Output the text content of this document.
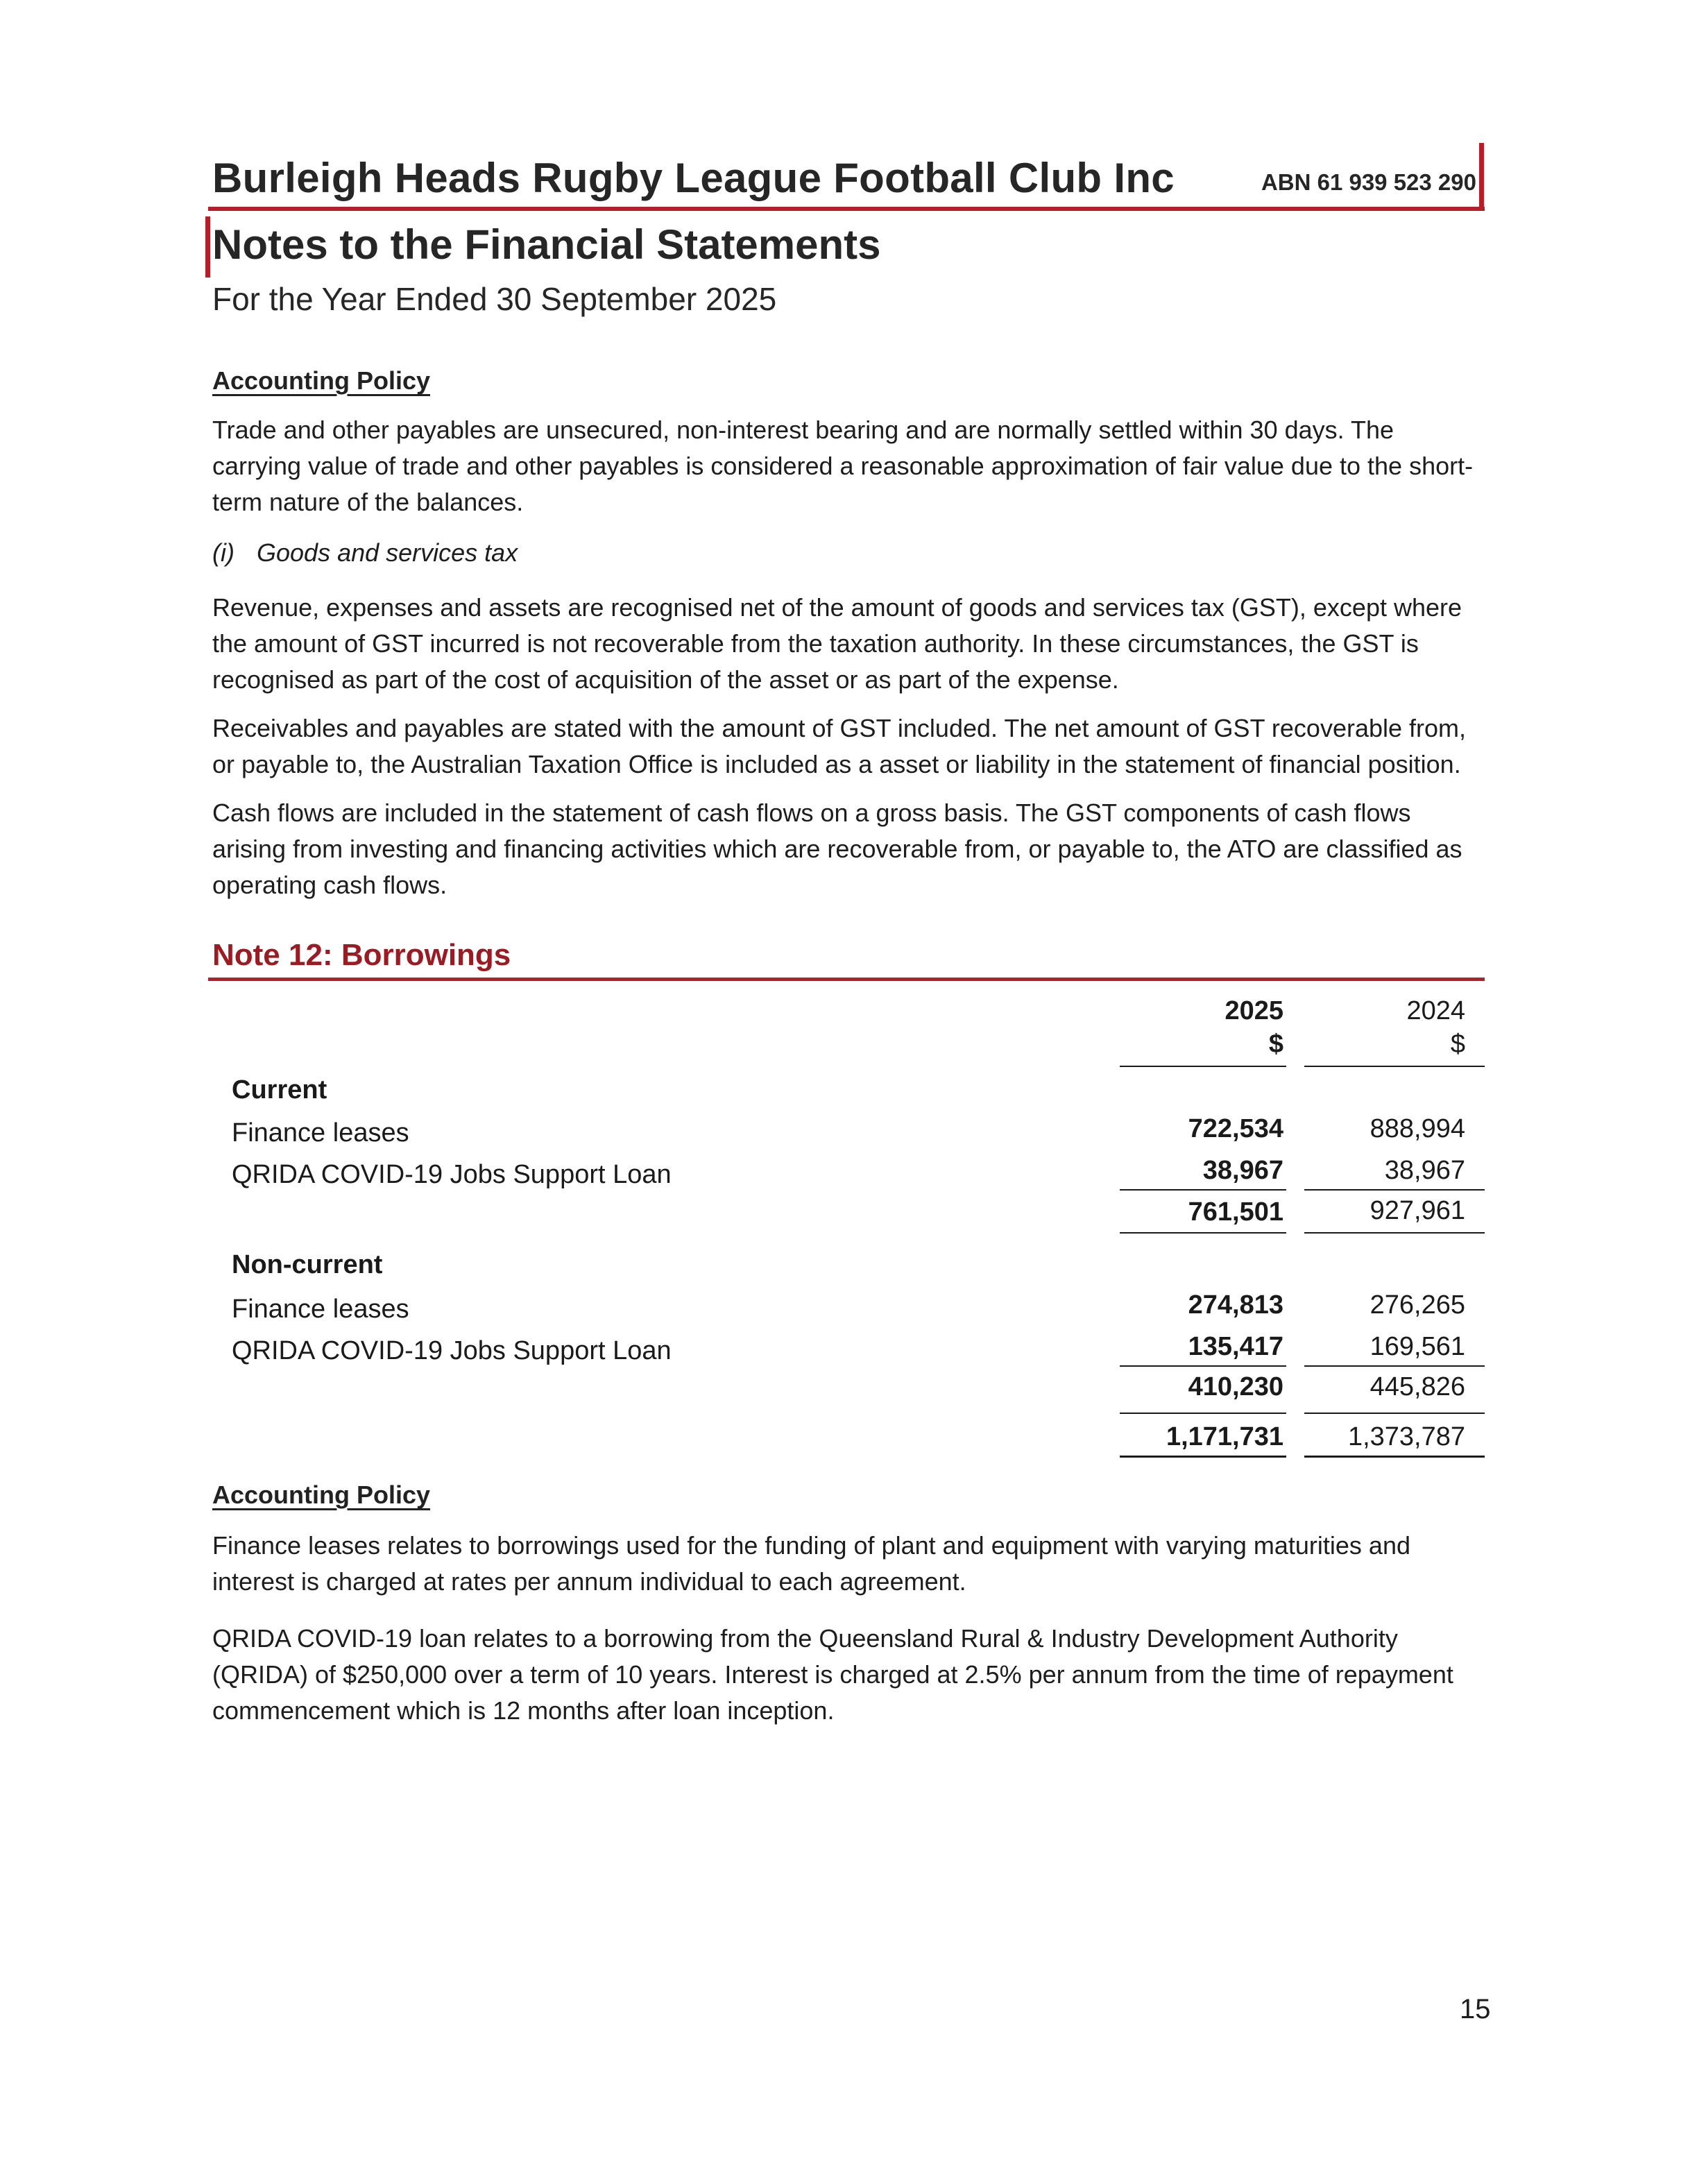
Burleigh Heads Rugby League Football Club Inc	ABN 61 939 523 290
Notes to the Financial Statements
For the Year Ended 30 September 2025
Accounting Policy

Trade and other payables are unsecured, non-interest bearing and are normally settled within 30 days. The carrying value of trade and other payables is considered a reasonable approximation of fair value due to the short-term nature of the balances.

(i) Goods and services tax

Revenue, expenses and assets are recognised net of the amount of goods and services tax (GST), except where the amount of GST incurred is not recoverable from the taxation authority. In these circumstances, the GST is recognised as part of the cost of acquisition of the asset or as part of the expense.

Receivables and payables are stated with the amount of GST included. The net amount of GST recoverable from, or payable to, the Australian Taxation Office is included as a asset or liability in the statement of financial position.

Cash flows are included in the statement of cash flows on a gross basis. The GST components of cash flows arising from investing and financing activities which are recoverable from, or payable to, the ATO are classified as operating cash flows.

Note 12: Borrowings
2025	2024
$	$
Current
Finance leases	722,534	888,994
QRIDA COVID-19 Jobs Support Loan	38,967	38,967
761,501	927,961
Non-current
Finance leases	274,813	276,265
QRIDA COVID-19 Jobs Support Loan	135,417	169,561
410,230	445,826
1,171,731	1,373,787
Accounting Policy

Finance leases relates to borrowings used for the funding of plant and equipment with varying maturities and interest is charged at rates per annum individual to each agreement.

QRIDA COVID-19 loan relates to a borrowing from the Queensland Rural & Industry Development Authority (QRIDA) of $250,000 over a term of 10 years. Interest is charged at 2.5% per annum from the time of repayment commencement which is 12 months after loan inception.

15
